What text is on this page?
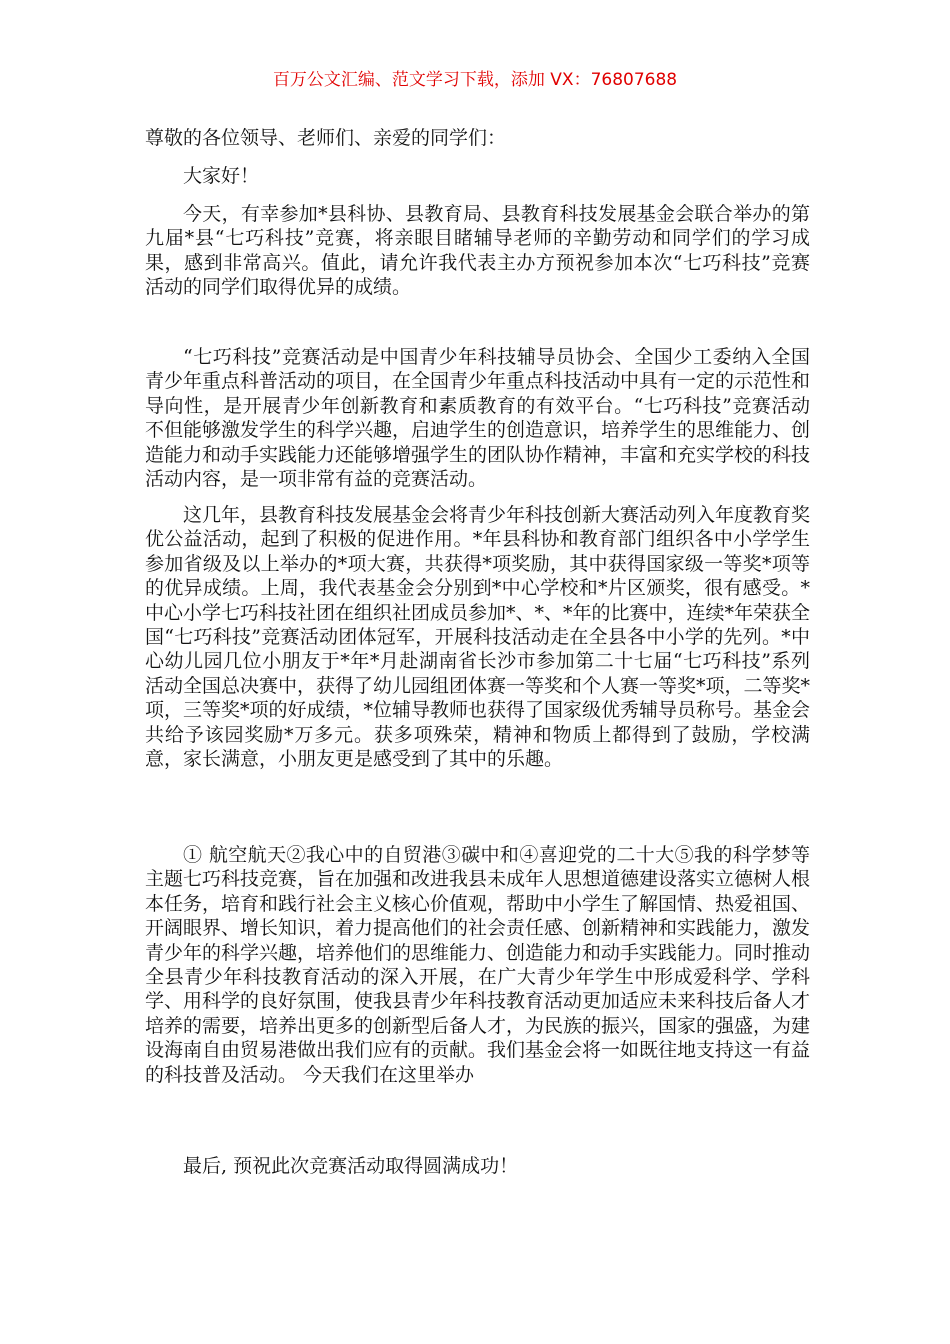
百万公文汇编、范文学习下载，添加 VX：76807688

尊敬的各位领导、老师们、亲爱的同学们：

大家好！

今天，有幸参加*县科协、县教育局、县教育科技发展基金会联合举办的第九届*县“七巧科技”竞赛，将亲眼目睹辅导老师的辛勤劳动和同学们的学习成果，感到非常高兴。值此，请允许我代表主办方预祝参加本次“七巧科技”竞赛活动的同学们取得优异的成绩。

“七巧科技”竞赛活动是中国青少年科技辅导员协会、全国少工委纳入全国青少年重点科普活动的项目，在全国青少年重点科技活动中具有一定的示范性和导向性，是开展青少年创新教育和素质教育的有效平台。“七巧科技”竞赛活动不但能够激发学生的科学兴趣，启迪学生的创造意识，培养学生的思维能力、创造能力和动手实践能力还能够增强学生的团队协作精神，丰富和充实学校的科技活动内容，是一项非常有益的竞赛活动。

这几年，县教育科技发展基金会将青少年科技创新大赛活动列入年度教育奖优公益活动，起到了积极的促进作用。*年县科协和教育部门组织各中小学学生参加省级及以上举办的*项大赛，共获得*项奖励，其中获得国家级一等奖*项等的优异成绩。上周，我代表基金会分别到*中心学校和*片区颁奖，很有感受。*中心小学七巧科技社团在组织社团成员参加*、*、*年的比赛中，连续*年荣获全国“七巧科技”竞赛活动团体冠军，开展科技活动走在全县各中小学的先列。*中心幼儿园几位小朋友于*年*月赴湖南省长沙市参加第二十七届“七巧科技”系列活动全国总决赛中，获得了幼儿园组团体赛一等奖和个人赛一等奖*项，二等奖*项，三等奖*项的好成绩，*位辅导教师也获得了国家级优秀辅导员称号。基金会共给予该园奖励*万多元。获多项殊荣，精神和物质上都得到了鼓励，学校满意，家长满意，小朋友更是感受到了其中的乐趣。

① 航空航天②我心中的自贸港③碳中和④喜迎党的二十大⑤我的科学梦等主题七巧科技竞赛，旨在加强和改进我县未成年人思想道德建设落实立德树人根本任务，培育和践行社会主义核心价值观，帮助中小学生了解国情、热爱祖国、开阔眼界、增长知识，着力提高他们的社会责任感、创新精神和实践能力，激发青少年的科学兴趣，培养他们的思维能力、创造能力和动手实践能力。同时推动全县青少年科技教育活动的深入开展，在广大青少年学生中形成爱科学、学科学、用科学的良好氛围，使我县青少年科技教育活动更加适应未来科技后备人才培养的需要，培养出更多的创新型后备人才，为民族的振兴，国家的强盛，为建设海南自由贸易港做出我们应有的贡献。我们基金会将一如既往地支持这一有益的科技普及活动。 今天我们在这里举办

最后, 预祝此次竞赛活动取得圆满成功！
